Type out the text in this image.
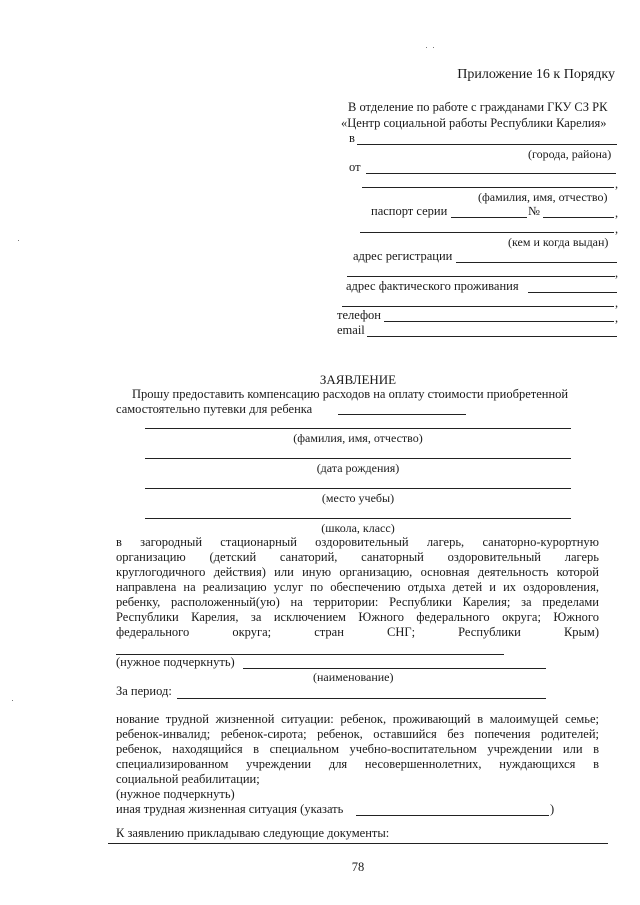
Приложение 16 к Порядку
В отделение по работе с гражданами ГКУ СЗ РК
«Центр социальной работы Республики Карелия»
в
(города, района)
от
,
(фамилия, имя, отчество)
паспорт серии	№	,
,
(кем и когда выдан)
адрес регистрации
,
адрес фактического проживания
,
телефон	,
email
ЗАЯВЛЕНИЕ
Прошу предоставить компенсацию расходов на оплату стоимости приобретенной
самостоятельно путевки для ребенка
(фамилия, имя, отчество)
(дата рождения)
(место учебы)
(школа, класс)
в загородный стационарный оздоровительный лагерь, санаторно-курортную
организацию (детский санаторий, санаторный оздоровительный лагерь
круглогодичного действия) или иную организацию, основная деятельность которой
направлена на реализацию услуг по обеспечению отдыха детей и их оздоровления,
ребенку, расположенный(ую) на территории: Республики Карелия; за пределами
Республики Карелия, за исключением Южного федерального округа; Южного
федерального округа; стран СНГ; Республики Крым)
(нужное подчеркнуть)
(наименование)
За период:
нование трудной жизненной ситуации: ребенок, проживающий в малоимущей семье;
ребенок-инвалид; ребенок-сирота; ребенок, оставшийся без попечения родителей;
ребенок, находящийся в специальном учебно-воспитательном учреждении или в
специализированном учреждении для несовершеннолетних, нуждающихся в
социальной реабилитации;
(нужное подчеркнуть)
иная трудная жизненная ситуация (указать	)
К заявлению прикладываю следующие документы:
78
